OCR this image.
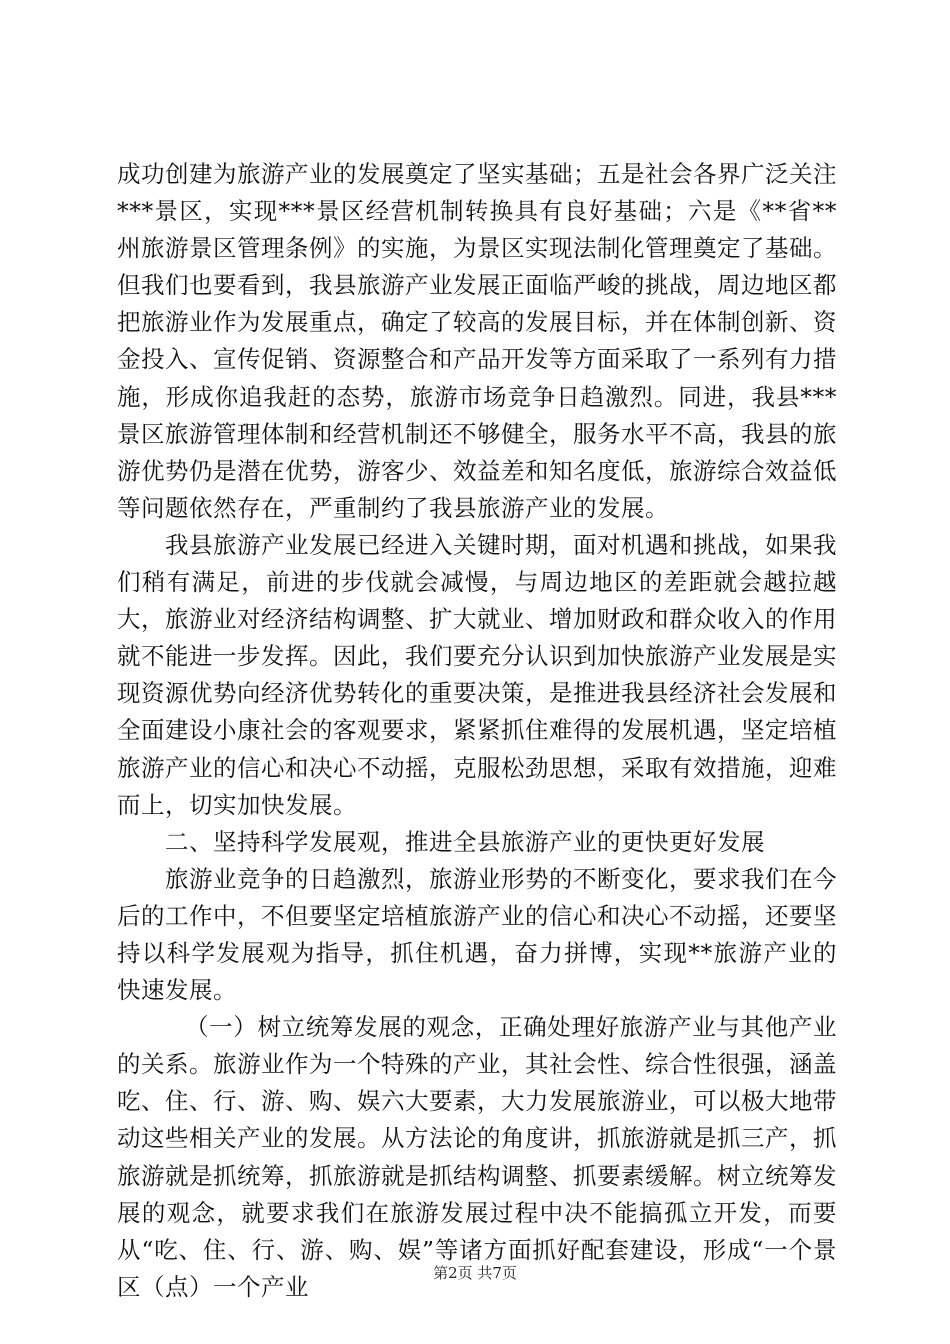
成功创建为旅游产业的发展奠定了坚实基础；五是社会各界广泛关注***景区，实现***景区经营机制转换具有良好基础；六是《**省**州旅游景区管理条例》的实施，为景区实现法制化管理奠定了基础。但我们也要看到，我县旅游产业发展正面临严峻的挑战，周边地区都把旅游业作为发展重点，确定了较高的发展目标，并在体制创新、资金投入、宣传促销、资源整合和产品开发等方面采取了一系列有力措施，形成你追我赶的态势，旅游市场竞争日趋激烈。同进，我县***景区旅游管理体制和经营机制还不够健全，服务水平不高，我县的旅游优势仍是潜在优势，游客少、效益差和知名度低，旅游综合效益低等问题依然存在，严重制约了我县旅游产业的发展。

我县旅游产业发展已经进入关键时期，面对机遇和挑战，如果我们稍有满足，前进的步伐就会减慢，与周边地区的差距就会越拉越大，旅游业对经济结构调整、扩大就业、增加财政和群众收入的作用就不能进一步发挥。因此，我们要充分认识到加快旅游产业发展是实现资源优势向经济优势转化的重要决策，是推进我县经济社会发展和全面建设小康社会的客观要求，紧紧抓住难得的发展机遇，坚定培植旅游产业的信心和决心不动摇，克服松劲思想，采取有效措施，迎难而上，切实加快发展。

二、坚持科学发展观，推进全县旅游产业的更快更好发展

旅游业竞争的日趋激烈，旅游业形势的不断变化，要求我们在今后的工作中，不但要坚定培植旅游产业的信心和决心不动摇，还要坚持以科学发展观为指导，抓住机遇，奋力拼博，实现**旅游产业的快速发展。

（一）树立统筹发展的观念，正确处理好旅游产业与其他产业的关系。旅游业作为一个特殊的产业，其社会性、综合性很强，涵盖吃、住、行、游、购、娱六大要素，大力发展旅游业，可以极大地带动这些相关产业的发展。从方法论的角度讲，抓旅游就是抓三产，抓旅游就是抓统筹，抓旅游就是抓结构调整、抓要素缓解。树立统筹发展的观念，就要求我们在旅游发展过程中决不能搞孤立开发，而要从“吃、住、行、游、购、娱”等诸方面抓好配套建设，形成“一个景区（点）一个产业	第2页 共7页
